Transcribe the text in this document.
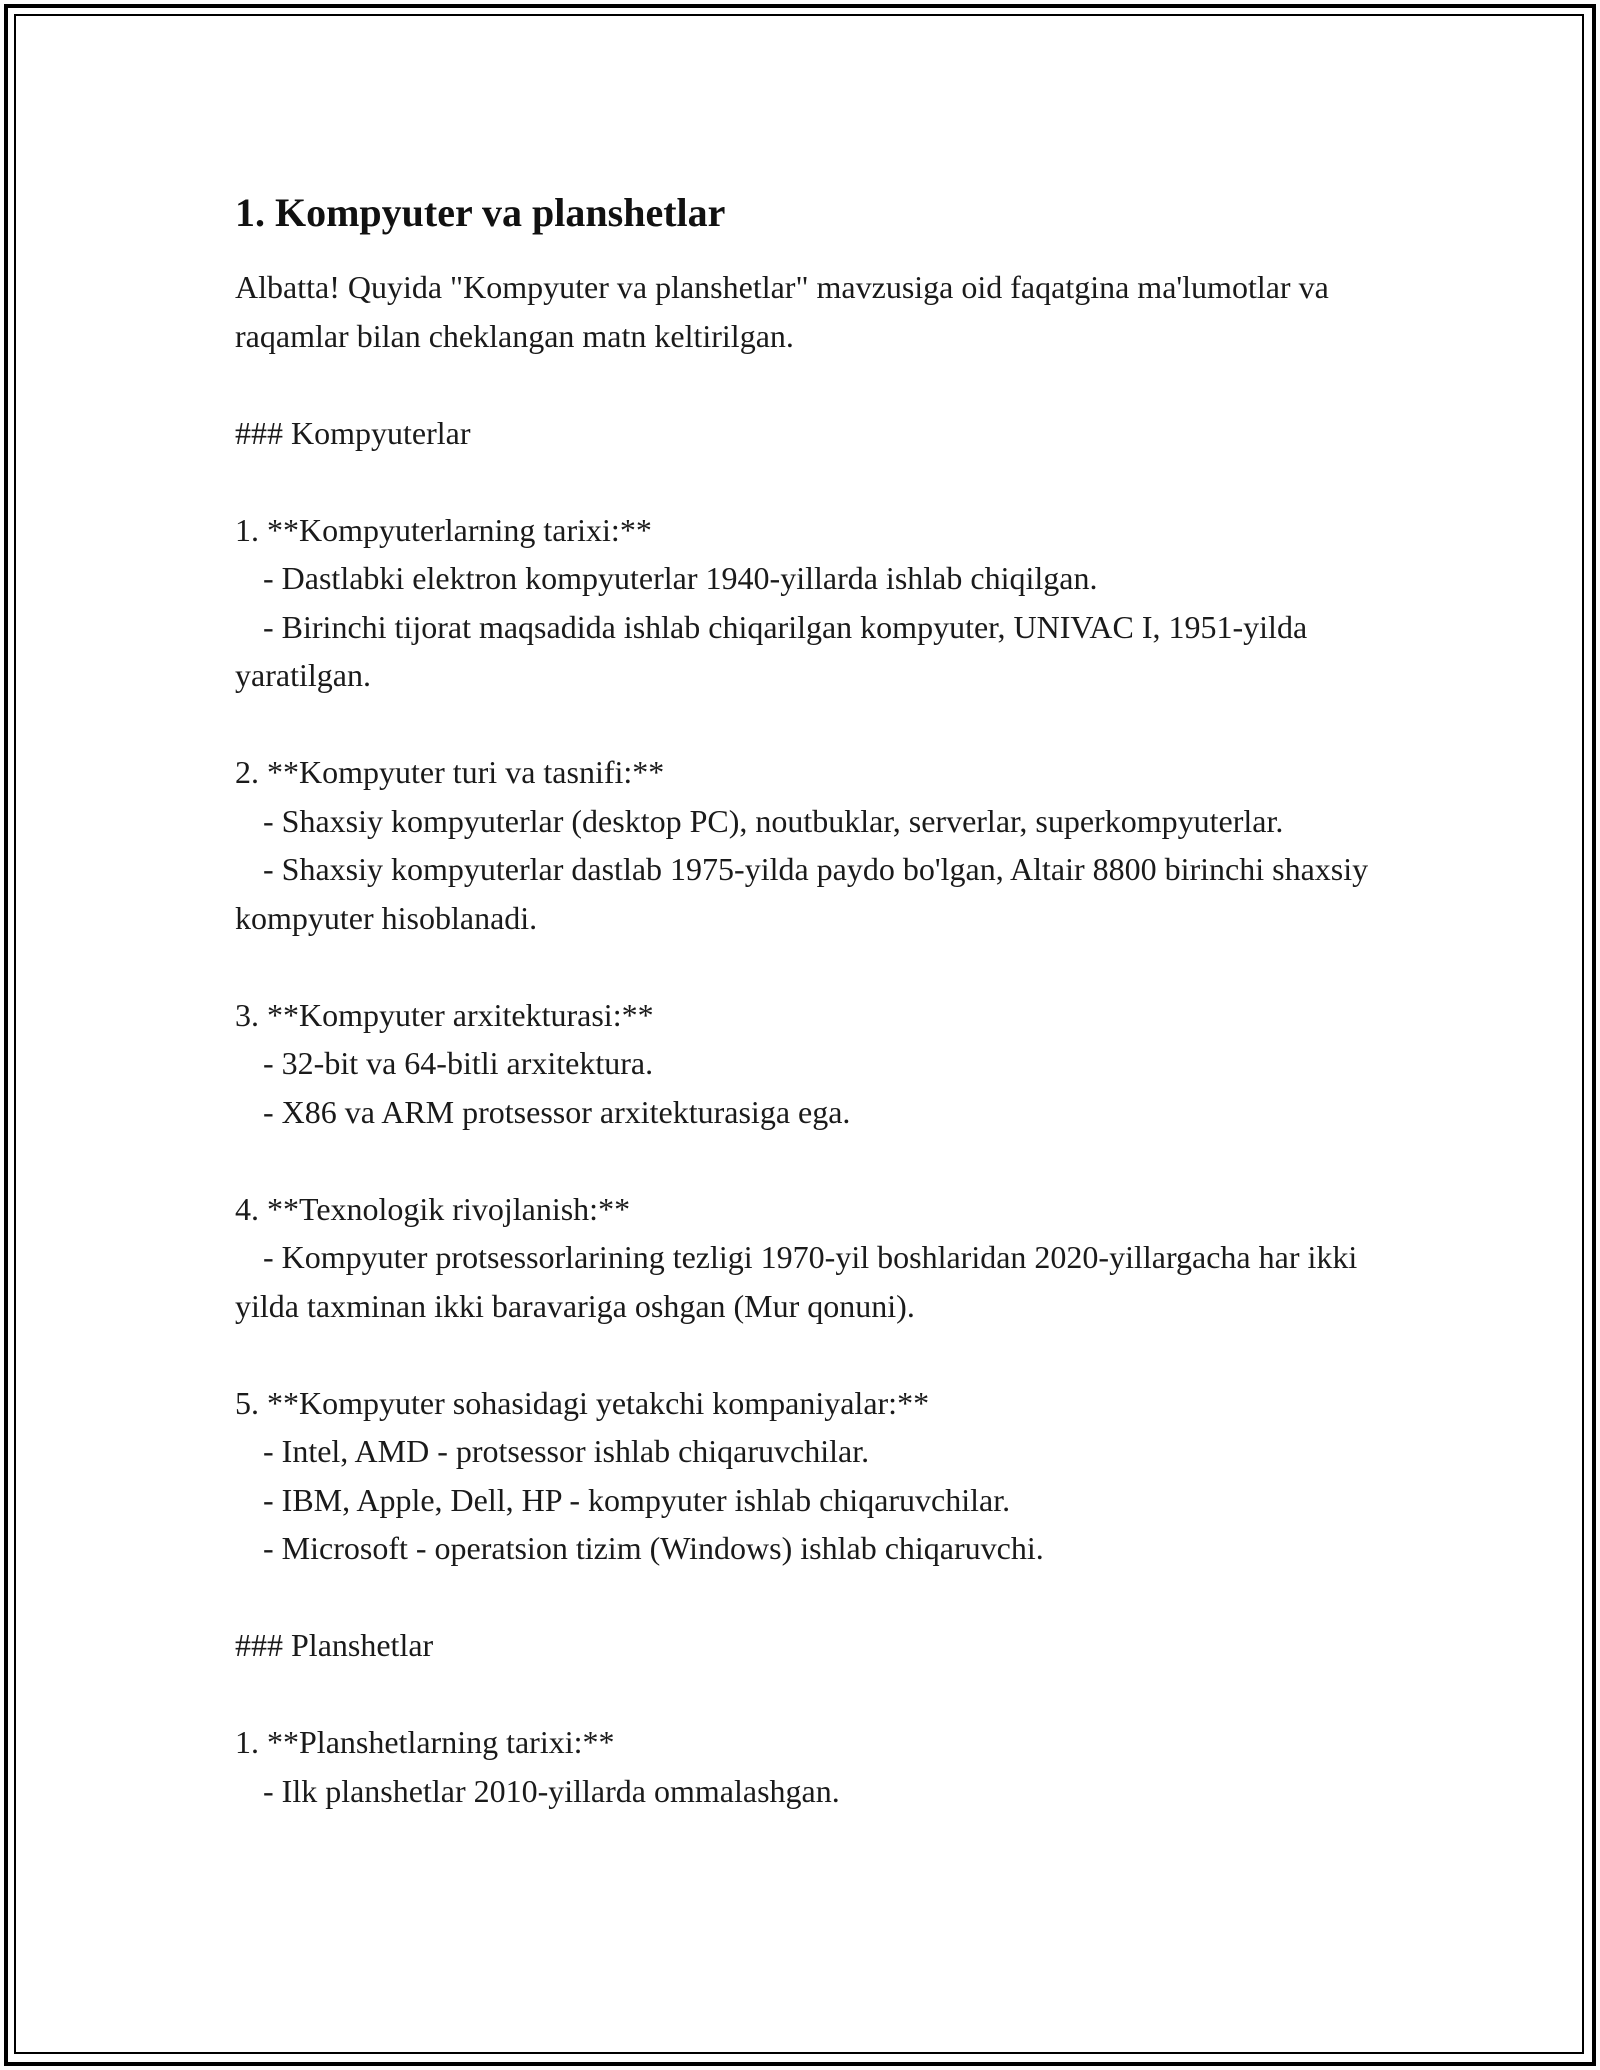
1. Kompyuter va planshetlar

Albatta! Quyida "Kompyuter va planshetlar" mavzusiga oid faqatgina ma'lumotlar va raqamlar bilan cheklangan matn keltirilgan.

### Kompyuterlar

1. **Kompyuterlarning tarixi:**

- Dastlabki elektron kompyuterlar 1940-yillarda ishlab chiqilgan.

- Birinchi tijorat maqsadida ishlab chiqarilgan kompyuter, UNIVAC I, 1951-yilda yaratilgan.

2. **Kompyuter turi va tasnifi:**

- Shaxsiy kompyuterlar (desktop PC), noutbuklar, serverlar, superkompyuterlar.

- Shaxsiy kompyuterlar dastlab 1975-yilda paydo bo'lgan, Altair 8800 birinchi shaxsiy kompyuter hisoblanadi.

3. **Kompyuter arxitekturasi:**

- 32-bit va 64-bitli arxitektura.

- X86 va ARM protsessor arxitekturasiga ega.

4. **Texnologik rivojlanish:**

- Kompyuter protsessorlarining tezligi 1970-yil boshlaridan 2020-yillargacha har ikki yilda taxminan ikki baravariga oshgan (Mur qonuni).

5. **Kompyuter sohasidagi yetakchi kompaniyalar:**

- Intel, AMD - protsessor ishlab chiqaruvchilar.

- IBM, Apple, Dell, HP - kompyuter ishlab chiqaruvchilar.

- Microsoft - operatsion tizim (Windows) ishlab chiqaruvchi.

### Planshetlar

1. **Planshetlarning tarixi:**

- Ilk planshetlar 2010-yillarda ommalashgan.
